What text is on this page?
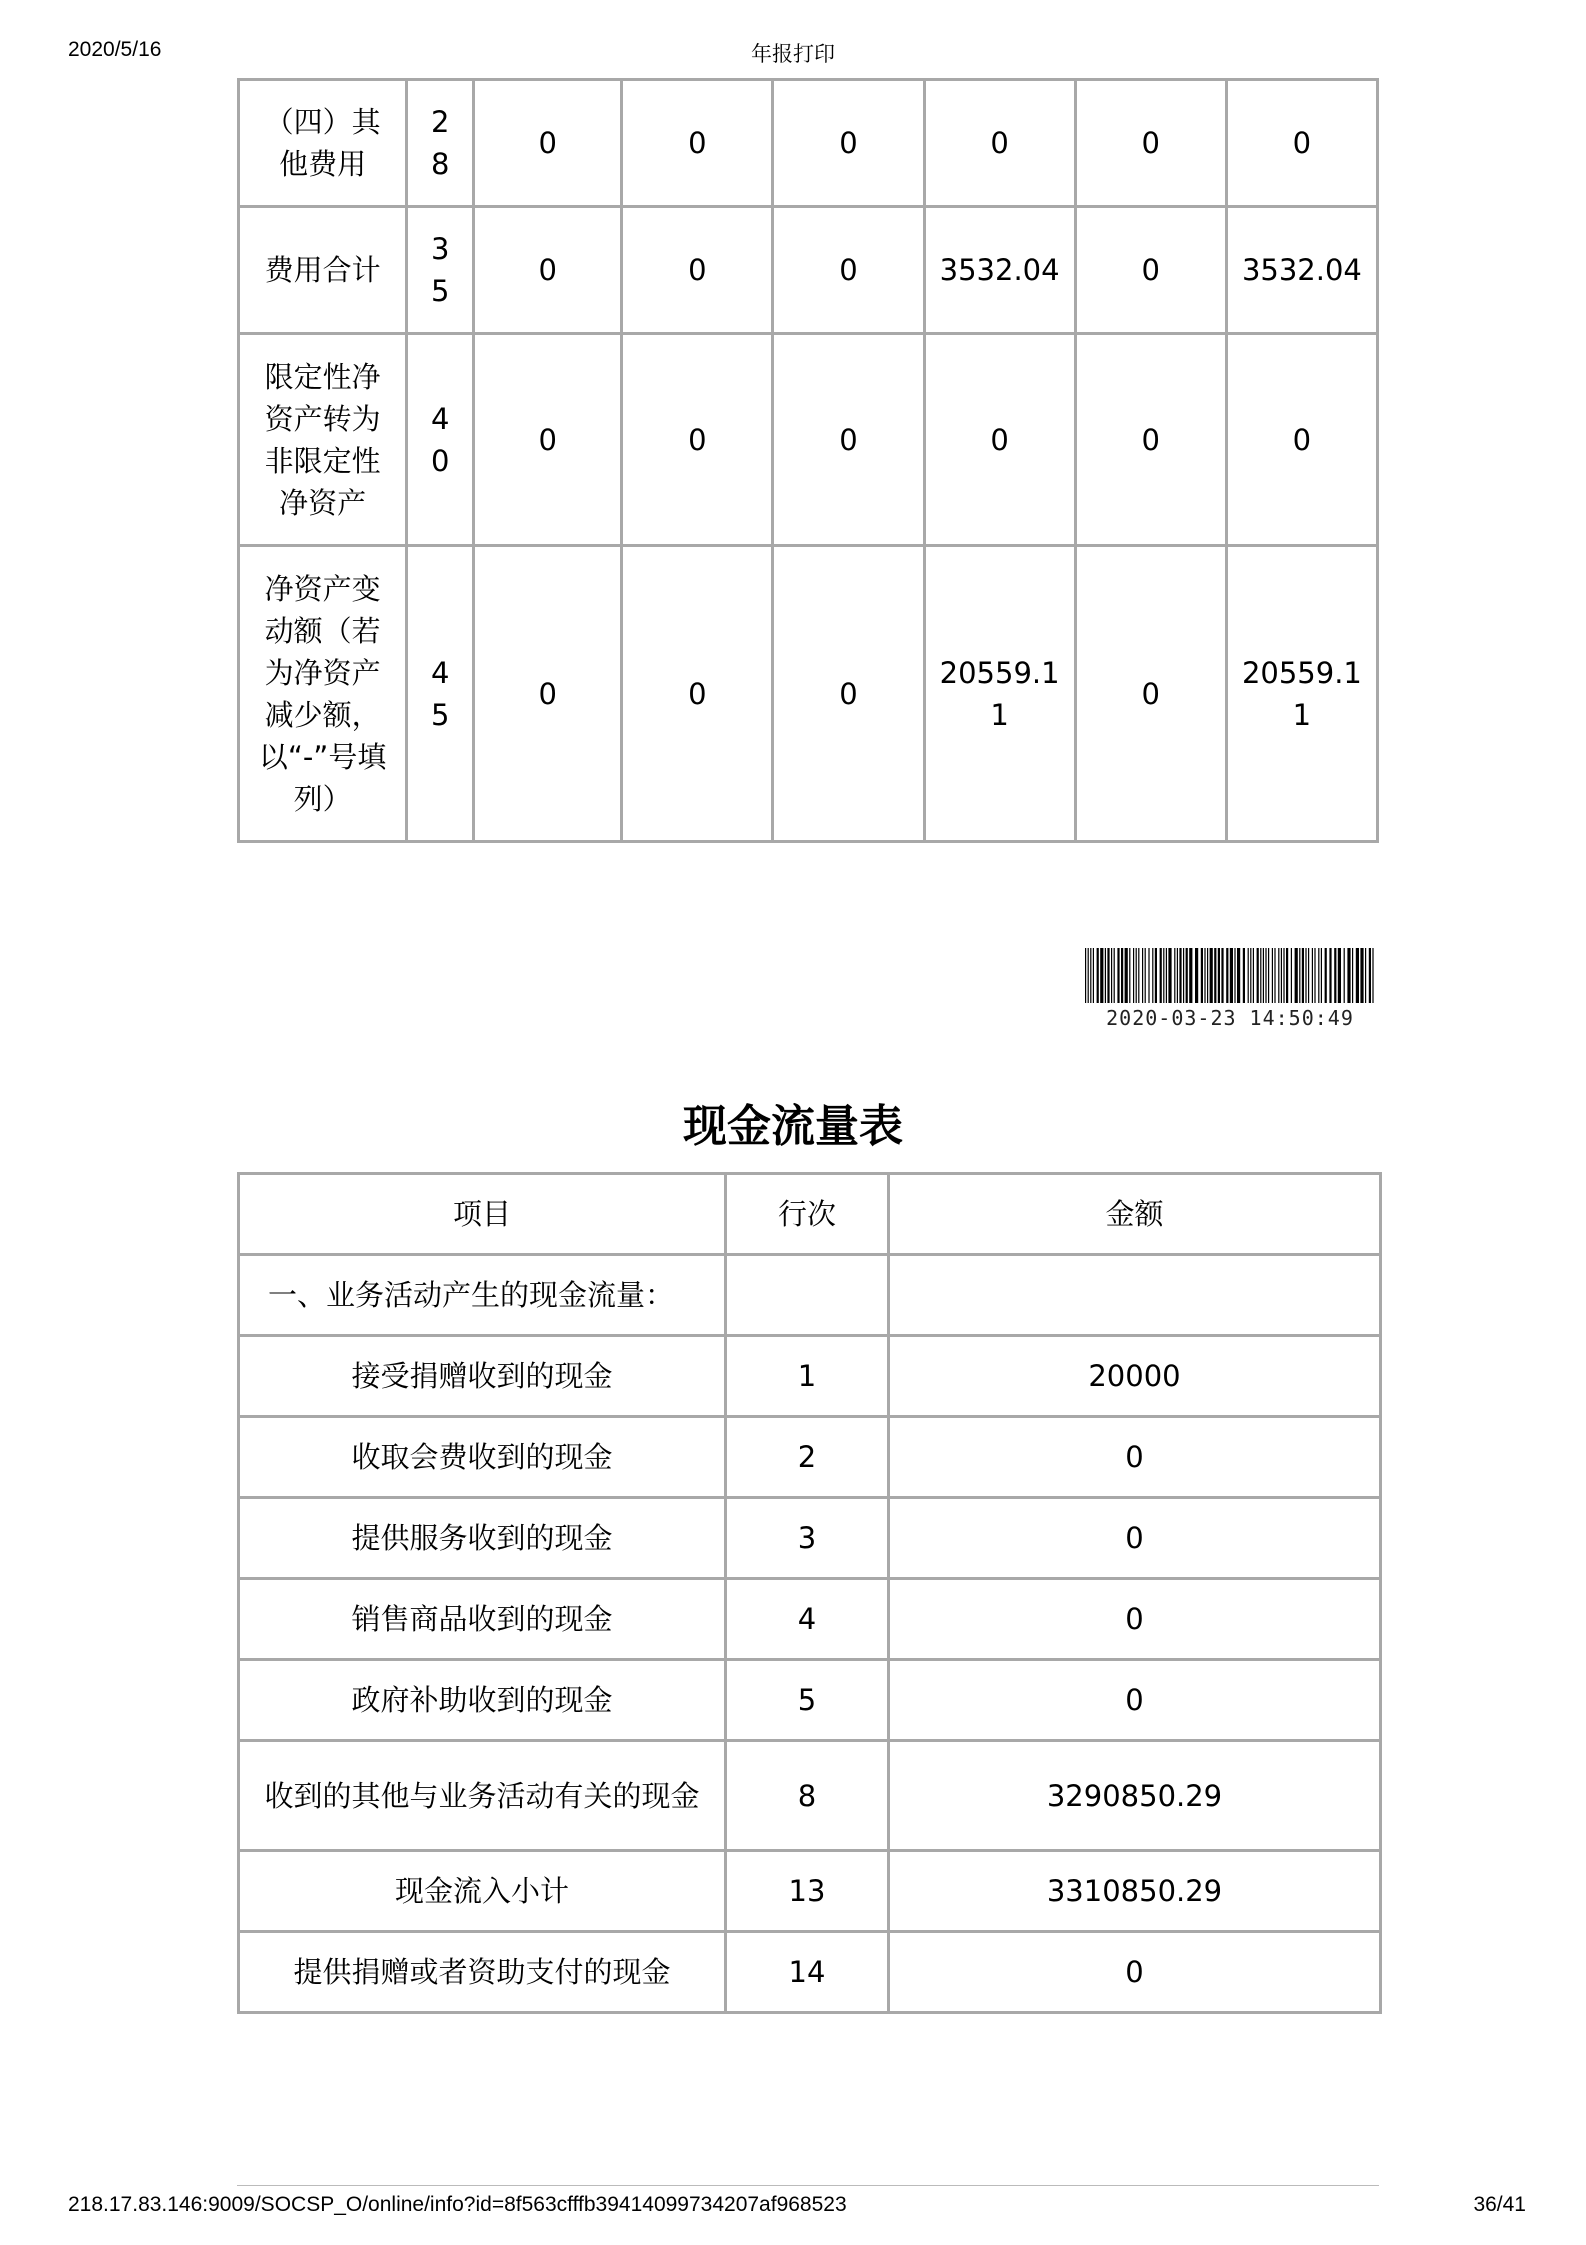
2020/5/16	年报打印
（四）其他费用	28	0	0	0	0	0	0
费用合计	35	0	0	0	3532.04	0	3532.04
限定性净资产转为非限定性净资产	40	0	0	0	0	0	0
净资产变动额（若为净资产减少额，以“-”号填列）	45	0	0	0	20559.11	0	20559.11
2020-03-23 14:50:49
现金流量表
项目	行次	金额
一、业务活动产生的现金流量：		
接受捐赠收到的现金	1	20000
收取会费收到的现金	2	0
提供服务收到的现金	3	0
销售商品收到的现金	4	0
政府补助收到的现金	5	0
收到的其他与业务活动有关的现金	8	3290850.29
现金流入小计	13	3310850.29
提供捐赠或者资助支付的现金	14	0
218.17.83.146:9009/SOCSP_O/online/info?id=8f563cfffb39414099734207af968523	36/41
